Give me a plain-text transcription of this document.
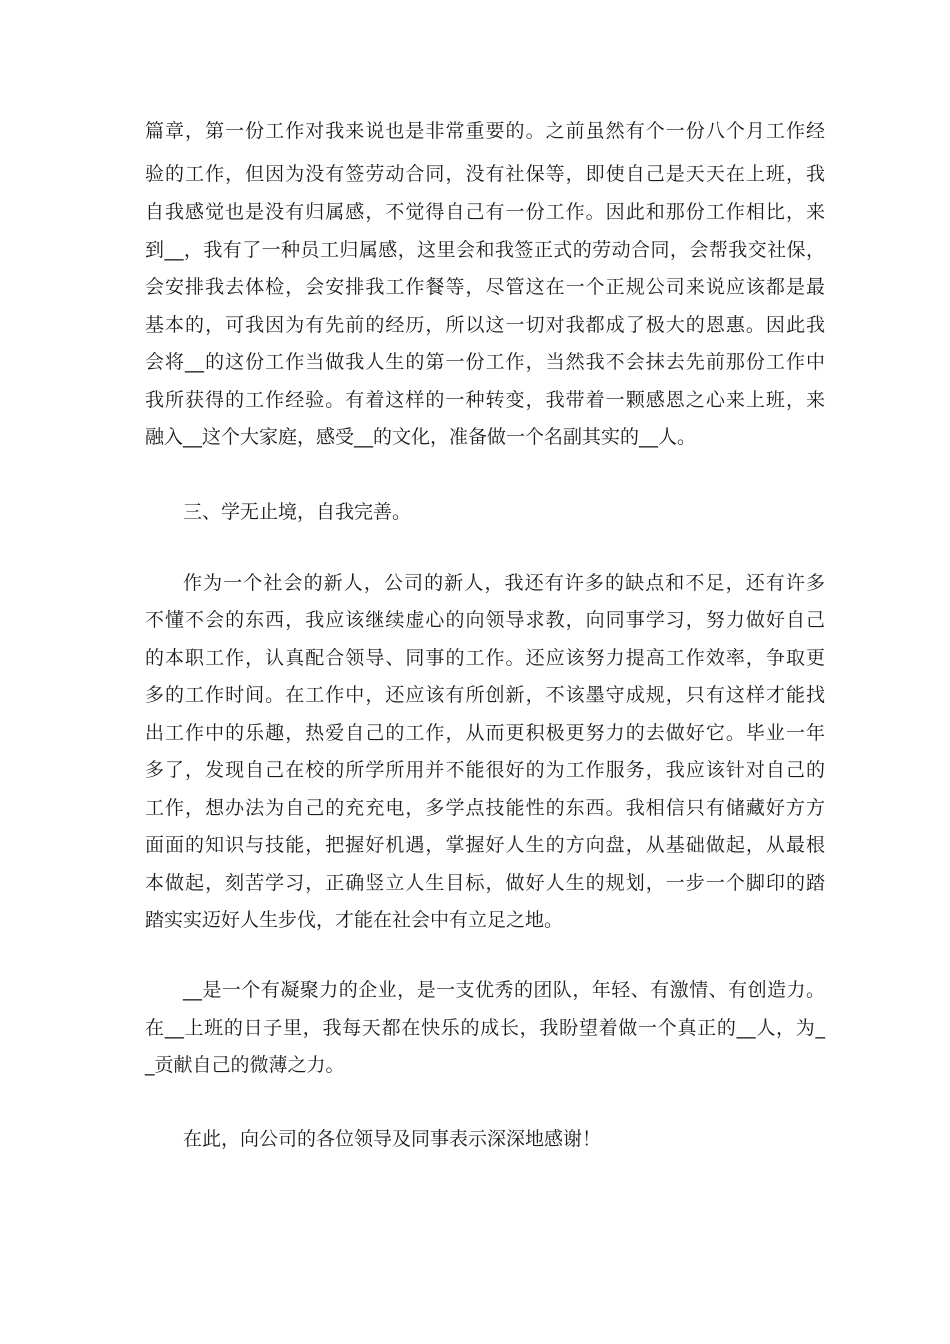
篇章，第一份工作对我来说也是非常重要的。之前虽然有个一份八个月工作经

验的工作，但因为没有签劳动合同，没有社保等，即使自己是天天在上班，我

自我感觉也是没有归属感，不觉得自己有一份工作。因此和那份工作相比，来

到__，我有了一种员工归属感，这里会和我签正式的劳动合同，会帮我交社保，

会安排我去体检，会安排我工作餐等，尽管这在一个正规公司来说应该都是最

基本的，可我因为有先前的经历，所以这一切对我都成了极大的恩惠。因此我

会将__的这份工作当做我人生的第一份工作，当然我不会抹去先前那份工作中

我所获得的工作经验。有着这样的一种转变，我带着一颗感恩之心来上班，来

融入__这个大家庭，感受__的文化，准备做一个名副其实的__人。

三、学无止境，自我完善。

作为一个社会的新人，公司的新人，我还有许多的缺点和不足，还有许多

不懂不会的东西，我应该继续虚心的向领导求教，向同事学习，努力做好自己

的本职工作，认真配合领导、同事的工作。还应该努力提高工作效率，争取更

多的工作时间。在工作中，还应该有所创新，不该墨守成规，只有这样才能找

出工作中的乐趣，热爱自己的工作，从而更积极更努力的去做好它。毕业一年

多了，发现自己在校的所学所用并不能很好的为工作服务，我应该针对自己的

工作，想办法为自己的充充电，多学点技能性的东西。我相信只有储藏好方方

面面的知识与技能，把握好机遇，掌握好人生的方向盘，从基础做起，从最根

本做起，刻苦学习，正确竖立人生目标，做好人生的规划，一步一个脚印的踏

踏实实迈好人生步伐，才能在社会中有立足之地。

__是一个有凝聚力的企业，是一支优秀的团队，年轻、有激情、有创造力。

在__上班的日子里，我每天都在快乐的成长，我盼望着做一个真正的__人，为_

_贡献自己的微薄之力。

在此，向公司的各位领导及同事表示深深地感谢！
